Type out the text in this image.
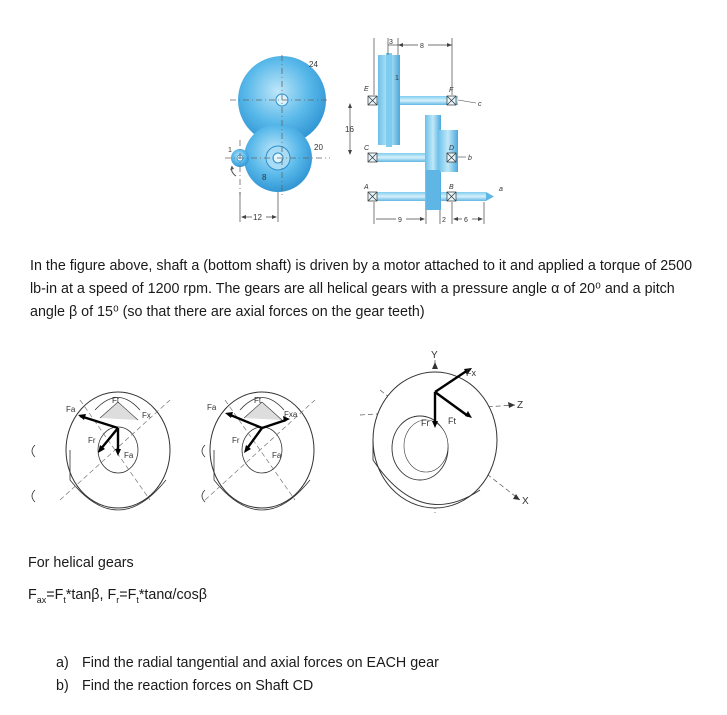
24
20
8
1
12
16
E	F
C	D
A	B
c
b
a
1
3
8
9	2	6
In the figure above, shaft a (bottom shaft) is driven by a motor attached to it and applied a torque of 2500 lb-in at a speed of 1200 rpm. The gears are all helical gears with a pressure angle α of 20⁰ and a pitch angle β of 15⁰ (so that there are axial forces on the gear teeth)
Fa
Ft
Fr
Fx
Fa
Fa
Ft
Fr
Fxa
Fa
Fx
Fr Ft
Y
Z
X
For helical gears
$F_{ax}=F_t*\tan\beta$, $F_r=F_t*\tan\alpha$/cosβ
a) Find the radial tangential and axial forces on EACH gear
b) Find the reaction forces on Shaft CD
